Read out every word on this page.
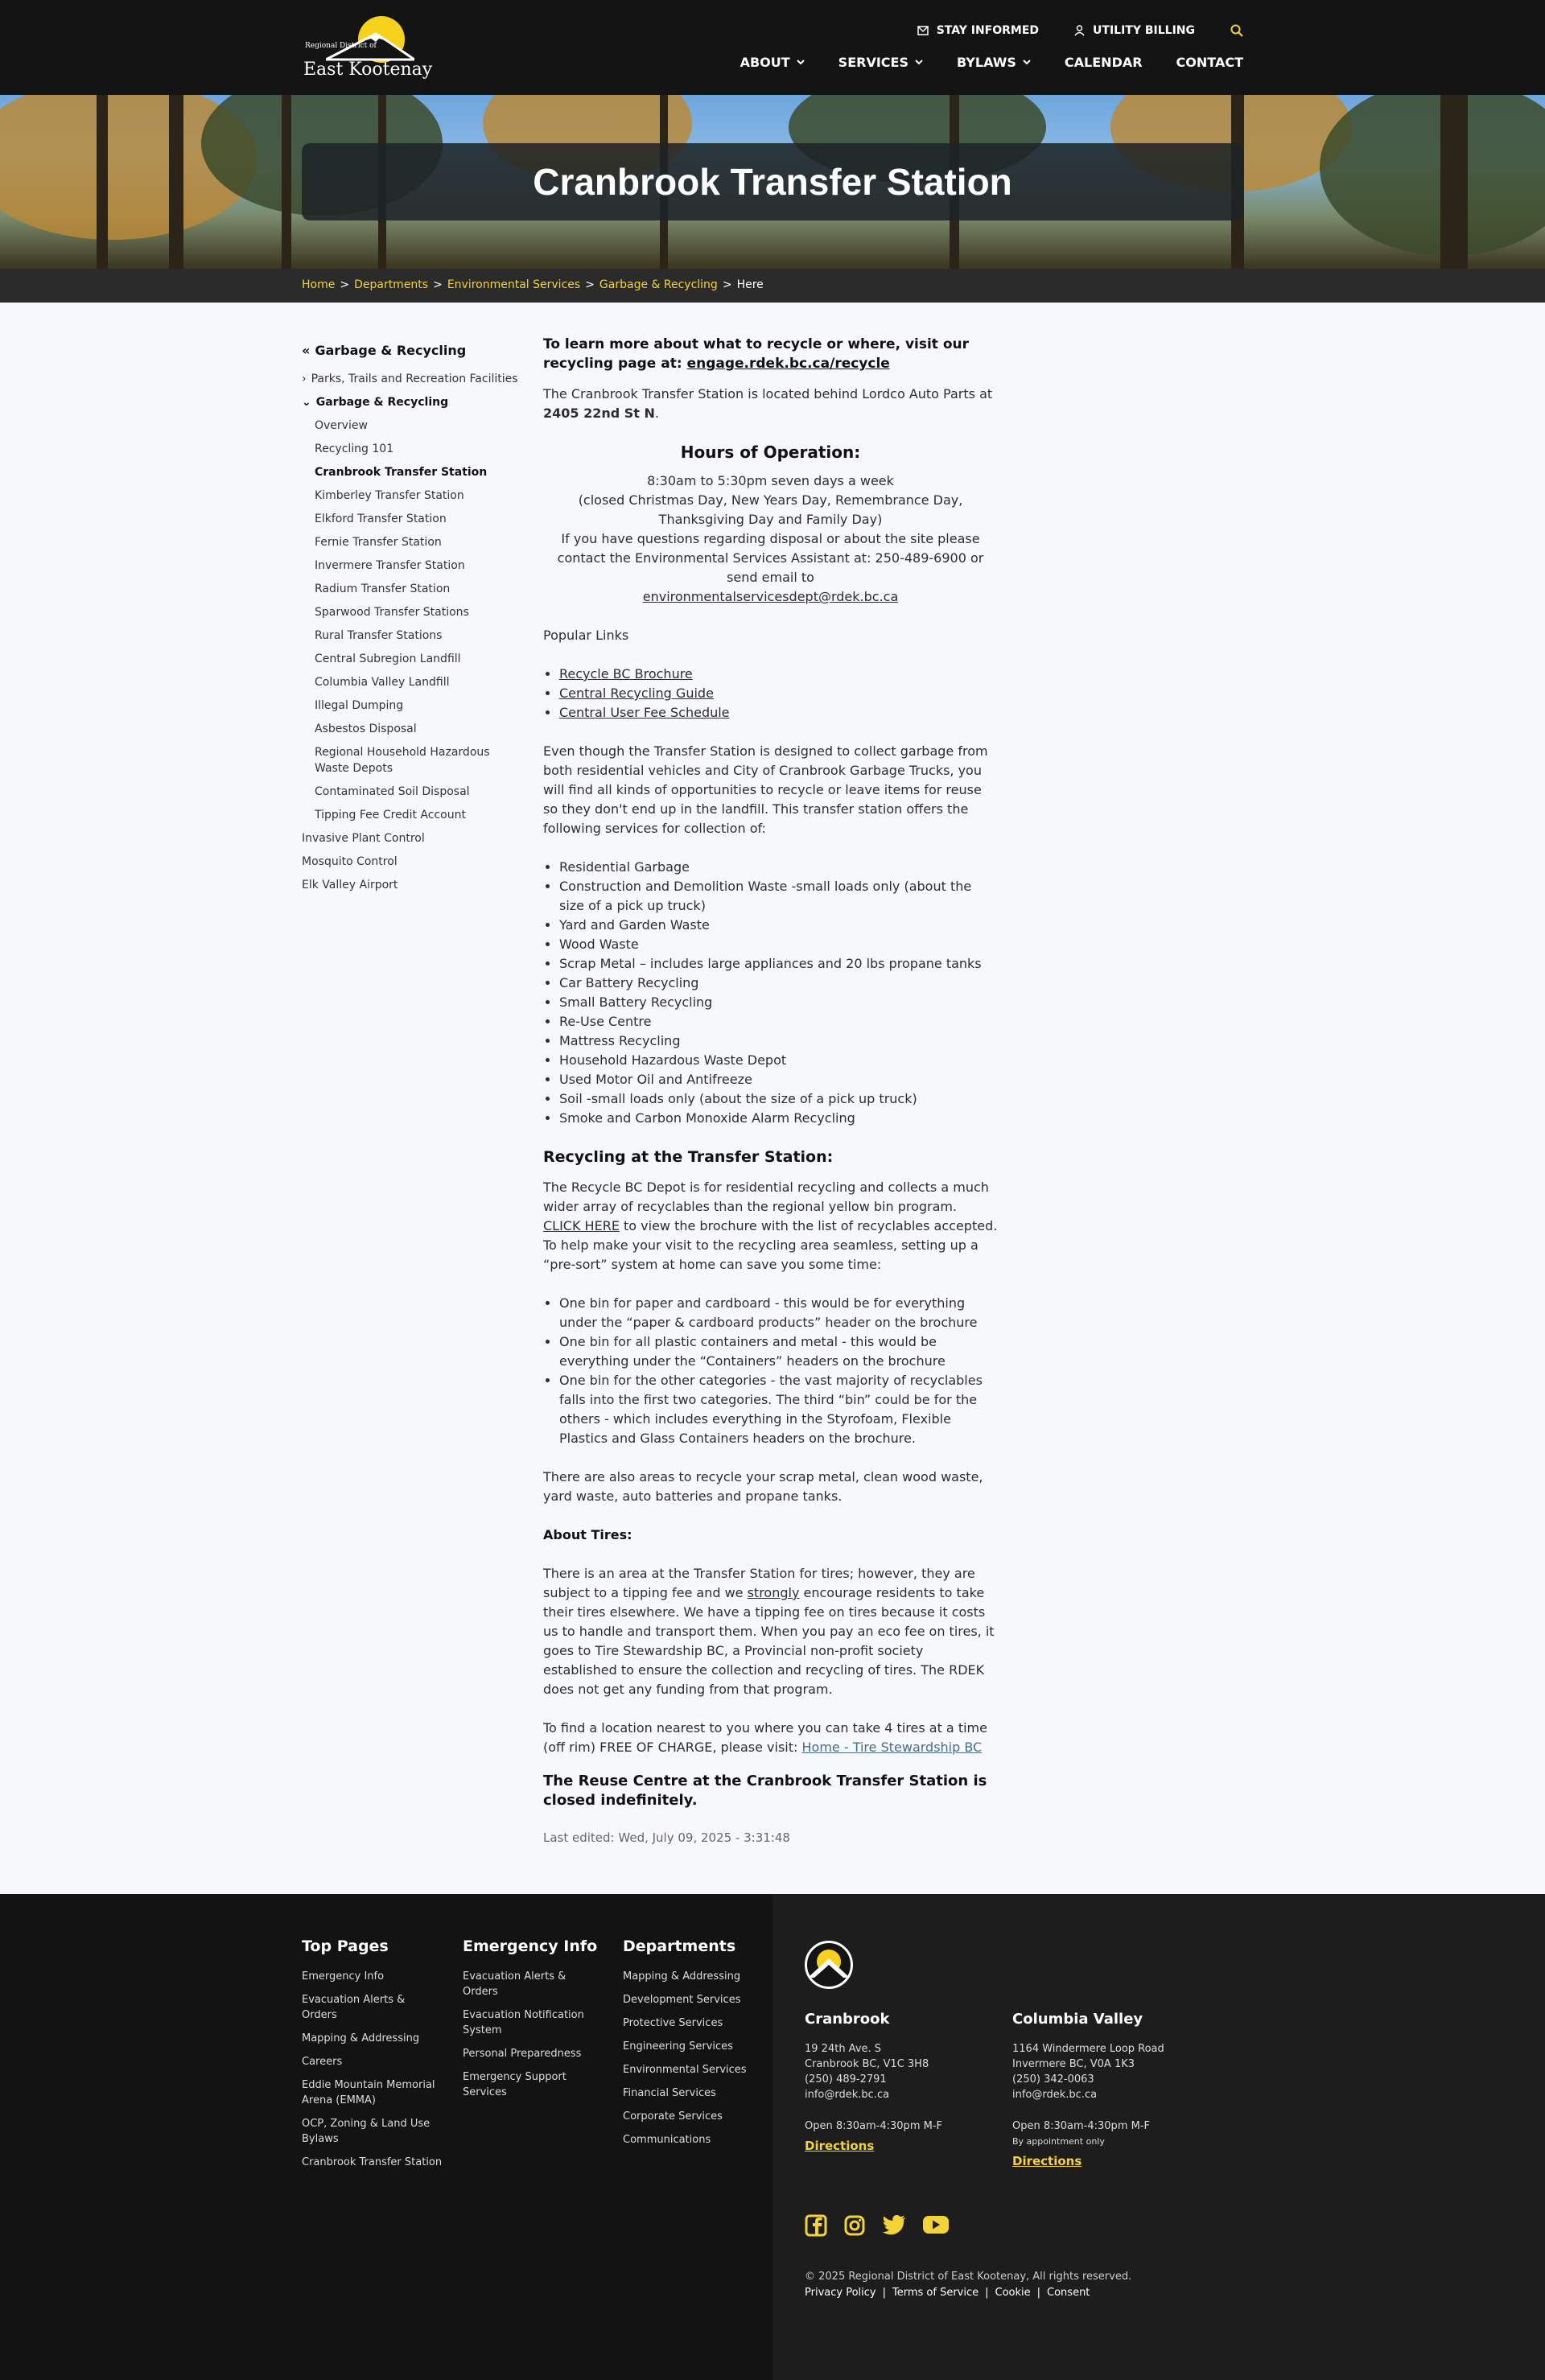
Regional District of
East Kootenay
STAY INFORMED	UTILITY BILLING
ABOUT	SERVICES	BYLAWS	CALENDAR	CONTACT
Cranbrook Transfer Station
Home > Departments > Environmental Services > Garbage & Recycling > Here
« Garbage & Recycling
› Parks, Trails and Recreation Facilities
⌄ Garbage & Recycling
Overview
Recycling 101
Cranbrook Transfer Station
Kimberley Transfer Station
Elkford Transfer Station
Fernie Transfer Station
Invermere Transfer Station
Radium Transfer Station
Sparwood Transfer Stations
Rural Transfer Stations
Central Subregion Landfill
Columbia Valley Landfill
Illegal Dumping
Asbestos Disposal
Regional Household Hazardous Waste Depots
Contaminated Soil Disposal
Tipping Fee Credit Account
Invasive Plant Control
Mosquito Control
Elk Valley Airport

To learn more about what to recycle or where, visit our recycling page at: engage.rdek.bc.ca/recycle

The Cranbrook Transfer Station is located behind Lordco Auto Parts at 2405 22nd St N.

Hours of Operation:
8:30am to 5:30pm seven days a week
(closed Christmas Day, New Years Day, Remembrance Day, Thanksgiving Day and Family Day)
If you have questions regarding disposal or about the site please contact the Environmental Services Assistant at: 250-489-6900 or send email to
environmentalservicesdept@rdek.bc.ca

Popular Links

• Recycle BC Brochure
• Central Recycling Guide
• Central User Fee Schedule

Even though the Transfer Station is designed to collect garbage from both residential vehicles and City of Cranbrook Garbage Trucks, you will find all kinds of opportunities to recycle or leave items for reuse so they don't end up in the landfill. This transfer station offers the following services for collection of:

• Residential Garbage
• Construction and Demolition Waste -small loads only (about the size of a pick up truck)
• Yard and Garden Waste
• Wood Waste
• Scrap Metal – includes large appliances and 20 lbs propane tanks
• Car Battery Recycling
• Small Battery Recycling
• Re-Use Centre
• Mattress Recycling
• Household Hazardous Waste Depot
• Used Motor Oil and Antifreeze
• Soil -small loads only (about the size of a pick up truck)
• Smoke and Carbon Monoxide Alarm Recycling
Recycling at the Transfer Station:

The Recycle BC Depot is for residential recycling and collects a much wider array of recyclables than the regional yellow bin program. CLICK HERE to view the brochure with the list of recyclables accepted. To help make your visit to the recycling area seamless, setting up a “pre-sort” system at home can save you some time:

• One bin for paper and cardboard - this would be for everything under the “paper & cardboard products” header on the brochure
• One bin for all plastic containers and metal - this would be everything under the “Containers” headers on the brochure
• One bin for the other categories - the vast majority of recyclables falls into the first two categories. The third “bin” could be for the others - which includes everything in the Styrofoam, Flexible Plastics and Glass Containers headers on the brochure.

There are also areas to recycle your scrap metal, clean wood waste, yard waste, auto batteries and propane tanks.

About Tires:

There is an area at the Transfer Station for tires; however, they are subject to a tipping fee and we strongly encourage residents to take their tires elsewhere. We have a tipping fee on tires because it costs us to handle and transport them. When you pay an eco fee on tires, it goes to Tire Stewardship BC, a Provincial non-profit society established to ensure the collection and recycling of tires. The RDEK does not get any funding from that program.

To find a location nearest to you where you can take 4 tires at a time (off rim) FREE OF CHARGE, please visit: Home - Tire Stewardship BC

The Reuse Centre at the Cranbrook Transfer Station is closed indefinitely.
Last edited: Wed, July 09, 2025 - 3:31:48
Top Pages
Emergency Info
Evacuation Alerts & Orders
Mapping & Addressing
Careers
Eddie Mountain Memorial Arena (EMMA)
OCP, Zoning & Land Use Bylaws
Cranbrook Transfer Station
Emergency Info
Evacuation Alerts & Orders
Evacuation Notification System
Personal Preparedness
Emergency Support Services
Departments
Mapping & Addressing
Development Services
Protective Services
Engineering Services
Environmental Services
Financial Services
Corporate Services
Communications
Cranbrook
19 24th Ave. S
Cranbrook BC, V1C 3H8
(250) 489-2791
info@rdek.bc.ca
Open 8:30am-4:30pm M-F
Directions
Columbia Valley
1164 Windermere Loop Road
Invermere BC, V0A 1K3
(250) 342-0063
info@rdek.bc.ca
Open 8:30am-4:30pm M-F
By appointment only
Directions
© 2025 Regional District of East Kootenay, All rights reserved.
Privacy Policy | Terms of Service | Cookie | Consent
